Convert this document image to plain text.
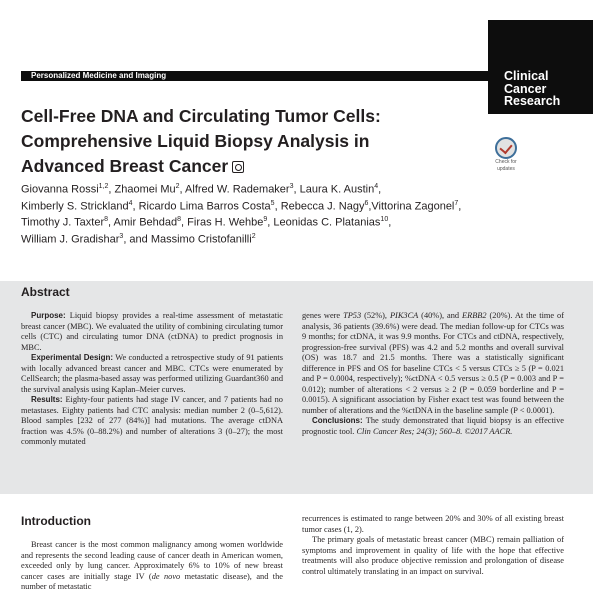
Clinical
Cancer
Research
Personalized Medicine and Imaging
Cell-Free DNA and Circulating Tumor Cells:
Comprehensive Liquid Biopsy Analysis in
Advanced Breast Cancer	Check for
updates
Giovanna Rossi$^{1,2}$, Zhaomei Mu$^2$, Alfred W. Rademaker$^3$, Laura K. Austin$^4$,
Kimberly S. Strickland$^4$, Ricardo Lima Barros Costa$^5$, Rebecca J. Nagy$^6$,Vittorina Zagonel$^7$,
Timothy J. Taxter$^8$, Amir Behdad$^8$, Firas H. Wehbe$^9$, Leonidas C. Platanias$^{10}$,
William J. Gradishar$^3$, and Massimo Cristofanilli$^2$
Abstract

Purpose: Liquid biopsy provides a real-time assessment of metastatic breast cancer (MBC). We evaluated the utility of combining circulating tumor cells (CTC) and circulating tumor DNA (ctDNA) to predict prognosis in MBC.

Experimental Design: We conducted a retrospective study of 91 patients with locally advanced breast cancer and MBC. CTCs were enumerated by CellSearch; the plasma-based assay was performed utilizing Guardant360 and the survival analysis using Kaplan–Meier curves.

Results: Eighty-four patients had stage IV cancer, and 7 patients had no metastases. Eighty patients had CTC analysis: median number 2 (0–5,612). Blood samples [232 of 277 (84%)] had mutations. The average ctDNA fraction was 4.5% (0–88.2%) and number of alterations 3 (0–27); the most commonly mutated

genes were TP53 (52%), PIK3CA (40%), and ERBB2 (20%). At the time of analysis, 36 patients (39.6%) were dead. The median follow-up for CTCs was 9 months; for ctDNA, it was 9.9 months. For CTCs and ctDNA, respectively, progression-free survival (PFS) was 4.2 and 5.2 months and overall survival (OS) was 18.7 and 21.5 months. There was a statistically significant difference in PFS and OS for baseline CTCs < 5 versus CTCs ≥ 5 (P = 0.021 and P = 0.0004, respectively); %ctDNA < 0.5 versus ≥ 0.5 (P = 0.003 and P = 0.012); number of alterations < 2 versus ≥ 2 (P = 0.059 borderline and P = 0.0015). A significant association by Fisher exact test was found between the number of alterations and the %ctDNA in the baseline sample (P < 0.0001).

Conclusions: The study demonstrated that liquid biopsy is an effective prognostic tool. Clin Cancer Res; 24(3); 560–8. ©2017 AACR.

Introduction

Breast cancer is the most common malignancy among women worldwide and represents the second leading cause of cancer death in American women, exceeded only by lung cancer. Approximately 6% to 10% of new breast cancer cases are initially stage IV (de novo metastatic disease), and the number of metastatic

recurrences is estimated to range between 20% and 30% of all existing breast tumor cases (1, 2).

The primary goals of metastatic breast cancer (MBC) remain palliation of symptoms and improvement in quality of life with the hope that effective treatments will also produce objective remission and prolongation of disease control ultimately translating in an impact on survival.
